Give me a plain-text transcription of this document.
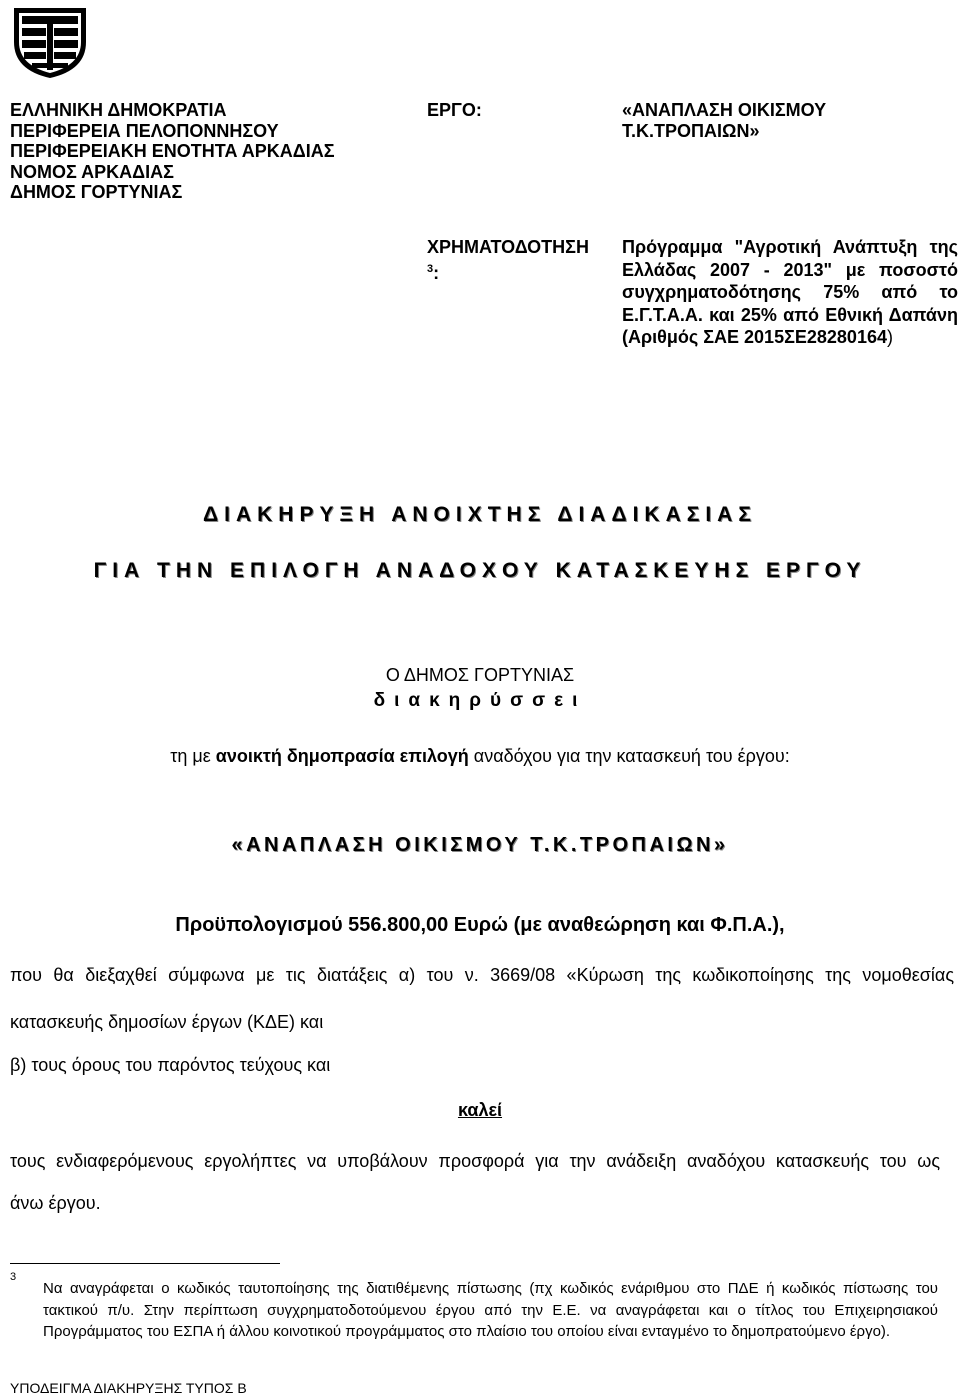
ΕΛΛΗΝΙΚΗ ΔΗΜΟΚΡΑΤΙΑ
ΠΕΡΙΦΕΡΕΙΑ ΠΕΛΟΠΟΝΝΗΣΟΥ
ΠΕΡΙΦΕΡΕΙΑΚΗ ΕΝΟΤΗΤΑ ΑΡΚΑΔΙΑΣ
ΝΟΜΟΣ ΑΡΚΑΔΙΑΣ
ΔΗΜΟΣ ΓΟΡΤΥΝΙΑΣ
ΕΡΓΟ:	«ΑΝΑΠΛΑΣΗ ΟΙΚΙΣΜΟΥ
Τ.Κ.ΤΡΟΠΑΙΩΝ»
ΧΡΗΜΑΤΟΔΟΤΗΣΗ
$^3$:
Πρόγραμμα "Αγροτική Ανάπτυξη της Ελλάδας 2007 - 2013" με ποσοστό συγχρηματοδότησης 75% από το Ε.Γ.Τ.Α.Α. και 25% από Εθνική Δαπάνη (Αριθμός ΣΑΕ 2015ΣΕ28280164)
ΔΙΑΚΗΡΥΞΗ ΑΝΟΙΧΤΗΣ ΔΙΑΔΙΚΑΣΙΑΣ
ΓΙΑ ΤΗΝ ΕΠΙΛΟΓΗ ΑΝΑΔΟΧΟΥ ΚΑΤΑΣΚΕΥΗΣ ΕΡΓΟΥ
Ο ΔΗΜΟΣ ΓΟΡΤΥΝΙΑΣ
διακηρύσσει
τη με ανοικτή δημοπρασία επιλογή αναδόχου για την κατασκευή του έργου:
«ΑΝΑΠΛΑΣΗ ΟΙΚΙΣΜΟΥ Τ.Κ.ΤΡΟΠΑΙΩΝ»
Προϋπολογισμού 556.800,00 Ευρώ (με αναθεώρηση και Φ.Π.Α.),
που θα διεξαχθεί σύμφωνα με τις διατάξεις α) του ν. 3669/08 «Κύρωση της κωδικοποίησης της νομοθεσίας
κατασκευής δημοσίων έργων (ΚΔΕ) και
β) τους όρους του παρόντος τεύχους και
καλεί
τους ενδιαφερόμενους εργολήπτες να υποβάλουν προσφορά για την ανάδειξη αναδόχου κατασκευής του ως
άνω έργου.
3
Να αναγράφεται ο κωδικός ταυτοποίησης της διατιθέμενης πίστωσης (πχ κωδικός ενάριθμου στο ΠΔΕ ή κωδικός πίστωσης του τακτικού π/υ. Στην περίπτωση συγχρηματοδοτούμενου έργου από την Ε.Ε. να αναγράφεται και ο τίτλος του Επιχειρησιακού Προγράμματος του ΕΣΠΑ ή άλλου κοινοτικού προγράμματος στο πλαίσιο του οποίου είναι ενταγμένο το δημοπρατούμενο έργο).
ΥΠΟΔΕΙΓΜΑ ΔΙΑΚΗΡΥΞΗΣ ΤΥΠΟΣ Β
